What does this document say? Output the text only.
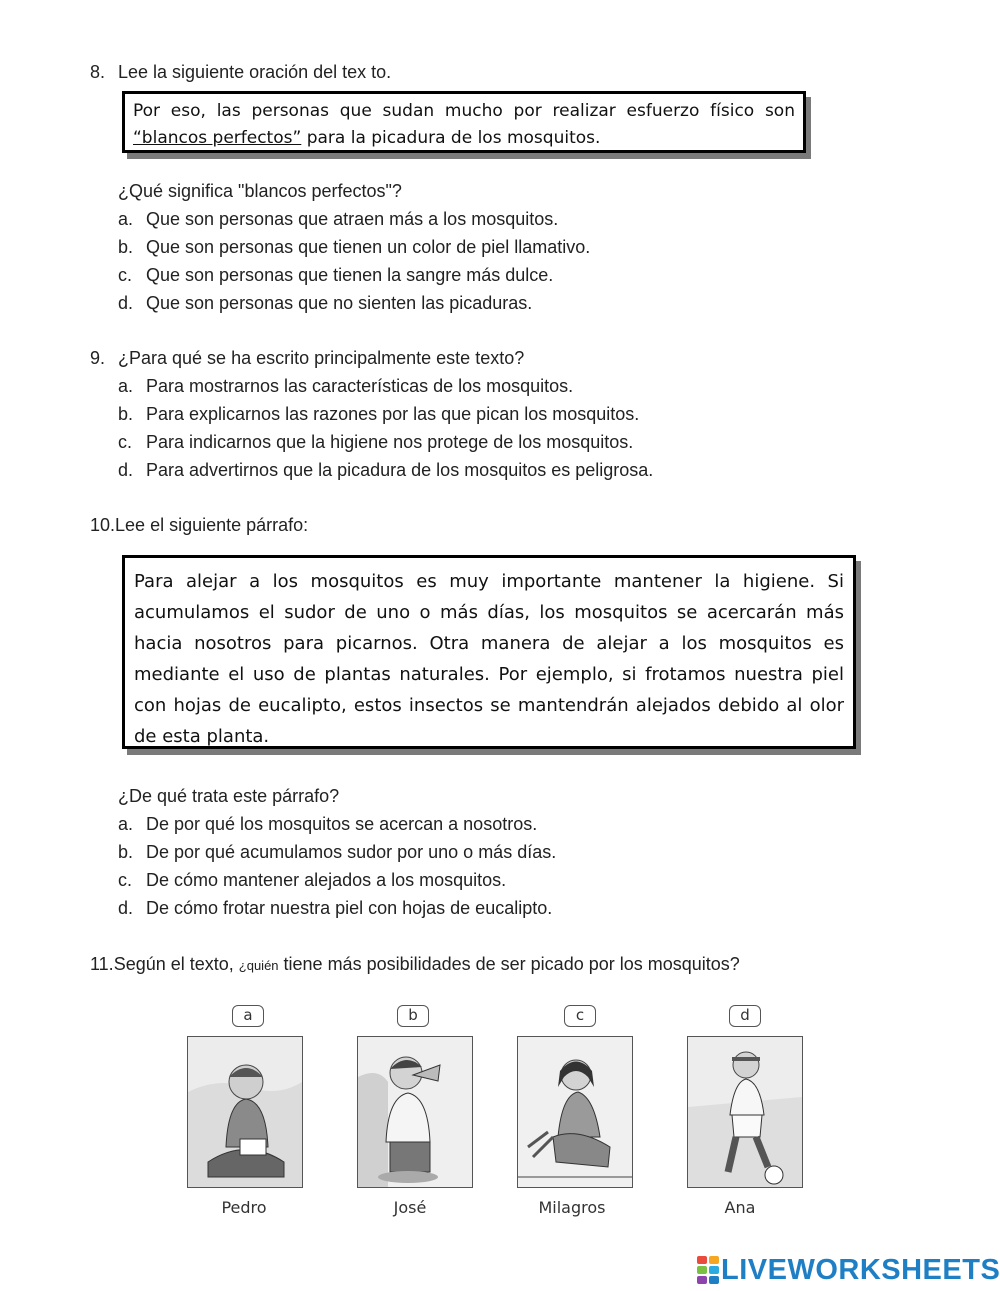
8. Lee la siguiente oración del tex to.

Por eso, las personas que sudan mucho por realizar esfuerzo físico son “blancos perfectos” para la picadura de los mosquitos.

¿Qué significa "blancos perfectos"?
a. Que son personas que atraen más a los mosquitos.
b. Que son personas que tienen un color de piel llamativo.
c. Que son personas que tienen la sangre más dulce.
d. Que son personas que no sienten las picaduras.
9. ¿Para qué se ha escrito principalmente este texto?
a. Para mostrarnos las características de los mosquitos.
b. Para explicarnos las razones por las que pican los mosquitos.
c. Para indicarnos que la higiene nos protege de los mosquitos.
d. Para advertirnos que la picadura de los mosquitos es peligrosa.
10.Lee el siguiente párrafo:

Para alejar a los mosquitos es muy importante mantener la higiene. Si acumulamos el sudor de uno o más días, los mosquitos se acercarán más hacia nosotros para picarnos. Otra manera de alejar a los mosquitos es mediante el uso de plantas naturales. Por ejemplo, si frotamos nuestra piel con hojas de eucalipto, estos insectos se mantendrán alejados debido al olor de esta planta.

¿De qué trata este párrafo?
a. De por qué los mosquitos se acercan a nosotros.
b. De por qué acumulamos sudor por uno o más días.
c. De cómo mantener alejados a los mosquitos.
d. De cómo frotar nuestra piel con hojas de eucalipto.
11.Según el texto, ¿quién tiene más posibilidades de ser picado por los mosquitos?
a
Pedro
b
José
c
Milagros
d
Ana
LIVEWORKSHEETS
